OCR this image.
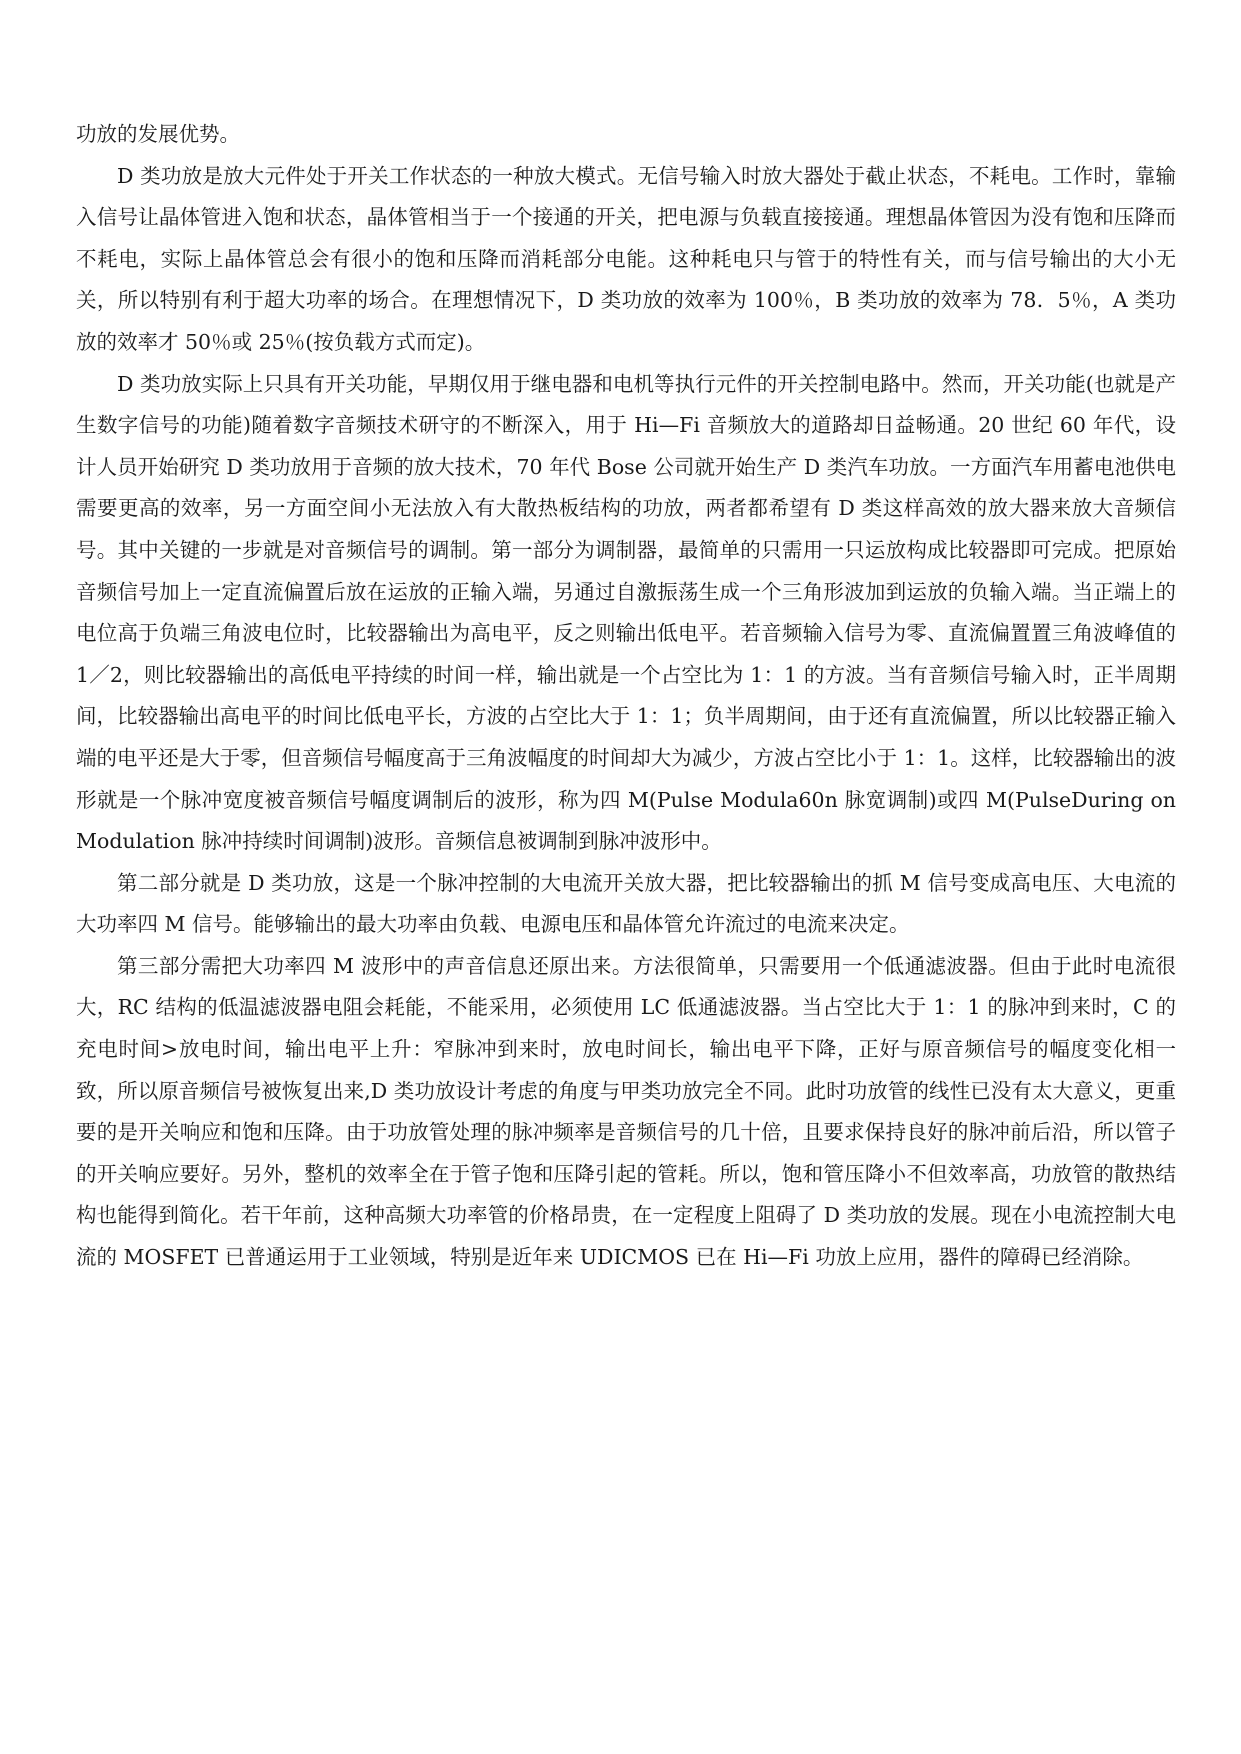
功放的发展优势。

D 类功放是放大元件处于开关工作状态的一种放大模式。无信号输入时放大器处于截止状态，不耗电。工作时，靠输入信号让晶体管进入饱和状态，晶体管相当于一个接通的开关，把电源与负载直接接通。理想晶体管因为没有饱和压降而不耗电，实际上晶体管总会有很小的饱和压降而消耗部分电能。这种耗电只与管于的特性有关，而与信号输出的大小无关，所以特别有利于超大功率的场合。在理想情况下，D 类功放的效率为 100％，B 类功放的效率为 78．5％，A 类功放的效率才 50％或 25％(按负载方式而定)。

D 类功放实际上只具有开关功能，早期仅用于继电器和电机等执行元件的开关控制电路中。然而，开关功能(也就是产生数字信号的功能)随着数字音频技术研守的不断深入，用于 Hi—Fi 音频放大的道路却日益畅通。20 世纪 60 年代，设计人员开始研究 D 类功放用于音频的放大技术，70 年代 Bose 公司就开始生产 D 类汽车功放。一方面汽车用蓄电池供电需要更高的效率，另一方面空间小无法放入有大散热板结构的功放，两者都希望有 D 类这样高效的放大器来放大音频信号。其中关键的一步就是对音频信号的调制。第一部分为调制器，最简单的只需用一只运放构成比较器即可完成。把原始音频信号加上一定直流偏置后放在运放的正输入端，另通过自激振荡生成一个三角形波加到运放的负输入端。当正端上的电位高于负端三角波电位时，比较器输出为高电平，反之则输出低电平。若音频输入信号为零、直流偏置置三角波峰值的 1／2，则比较器输出的高低电平持续的时间一样，输出就是一个占空比为 1：1 的方波。当有音频信号输入时，正半周期间，比较器输出高电平的时间比低电平长，方波的占空比大于 1：1；负半周期间，由于还有直流偏置，所以比较器正输入端的电平还是大于零，但音频信号幅度高于三角波幅度的时间却大为减少，方波占空比小于 1：1。这样，比较器输出的波形就是一个脉冲宽度被音频信号幅度调制后的波形，称为四 M(Pulse Modula60n 脉宽调制)或四 M(PulseDuring on Modulation 脉冲持续时间调制)波形。音频信息被调制到脉冲波形中。

第二部分就是 D 类功放，这是一个脉冲控制的大电流开关放大器，把比较器输出的抓 M 信号变成高电压、大电流的大功率四 M 信号。能够输出的最大功率由负载、电源电压和晶体管允许流过的电流来决定。

第三部分需把大功率四 M 波形中的声音信息还原出来。方法很简单，只需要用一个低通滤波器。但由于此时电流很大，RC 结构的低温滤波器电阻会耗能，不能采用，必须使用 LC 低通滤波器。当占空比大于 1：1 的脉冲到来时，C 的充电时间>放电时间，输出电平上升：窄脉冲到来时，放电时间长，输出电平下降，正好与原音频信号的幅度变化相一致，所以原音频信号被恢复出来,D 类功放设计考虑的角度与甲类功放完全不同。此时功放管的线性已没有太大意义，更重要的是开关响应和饱和压降。由于功放管处理的脉冲频率是音频信号的几十倍，且要求保持良好的脉冲前后沿，所以管子的开关响应要好。另外，整机的效率全在于管子饱和压降引起的管耗。所以，饱和管压降小不但效率高，功放管的散热结构也能得到简化。若干年前，这种高频大功率管的价格昂贵，在一定程度上阻碍了 D 类功放的发展。现在小电流控制大电流的 MOSFET 已普通运用于工业领域，特别是近年来 UDICMOS 已在 Hi—Fi 功放上应用，器件的障碍已经消除。
